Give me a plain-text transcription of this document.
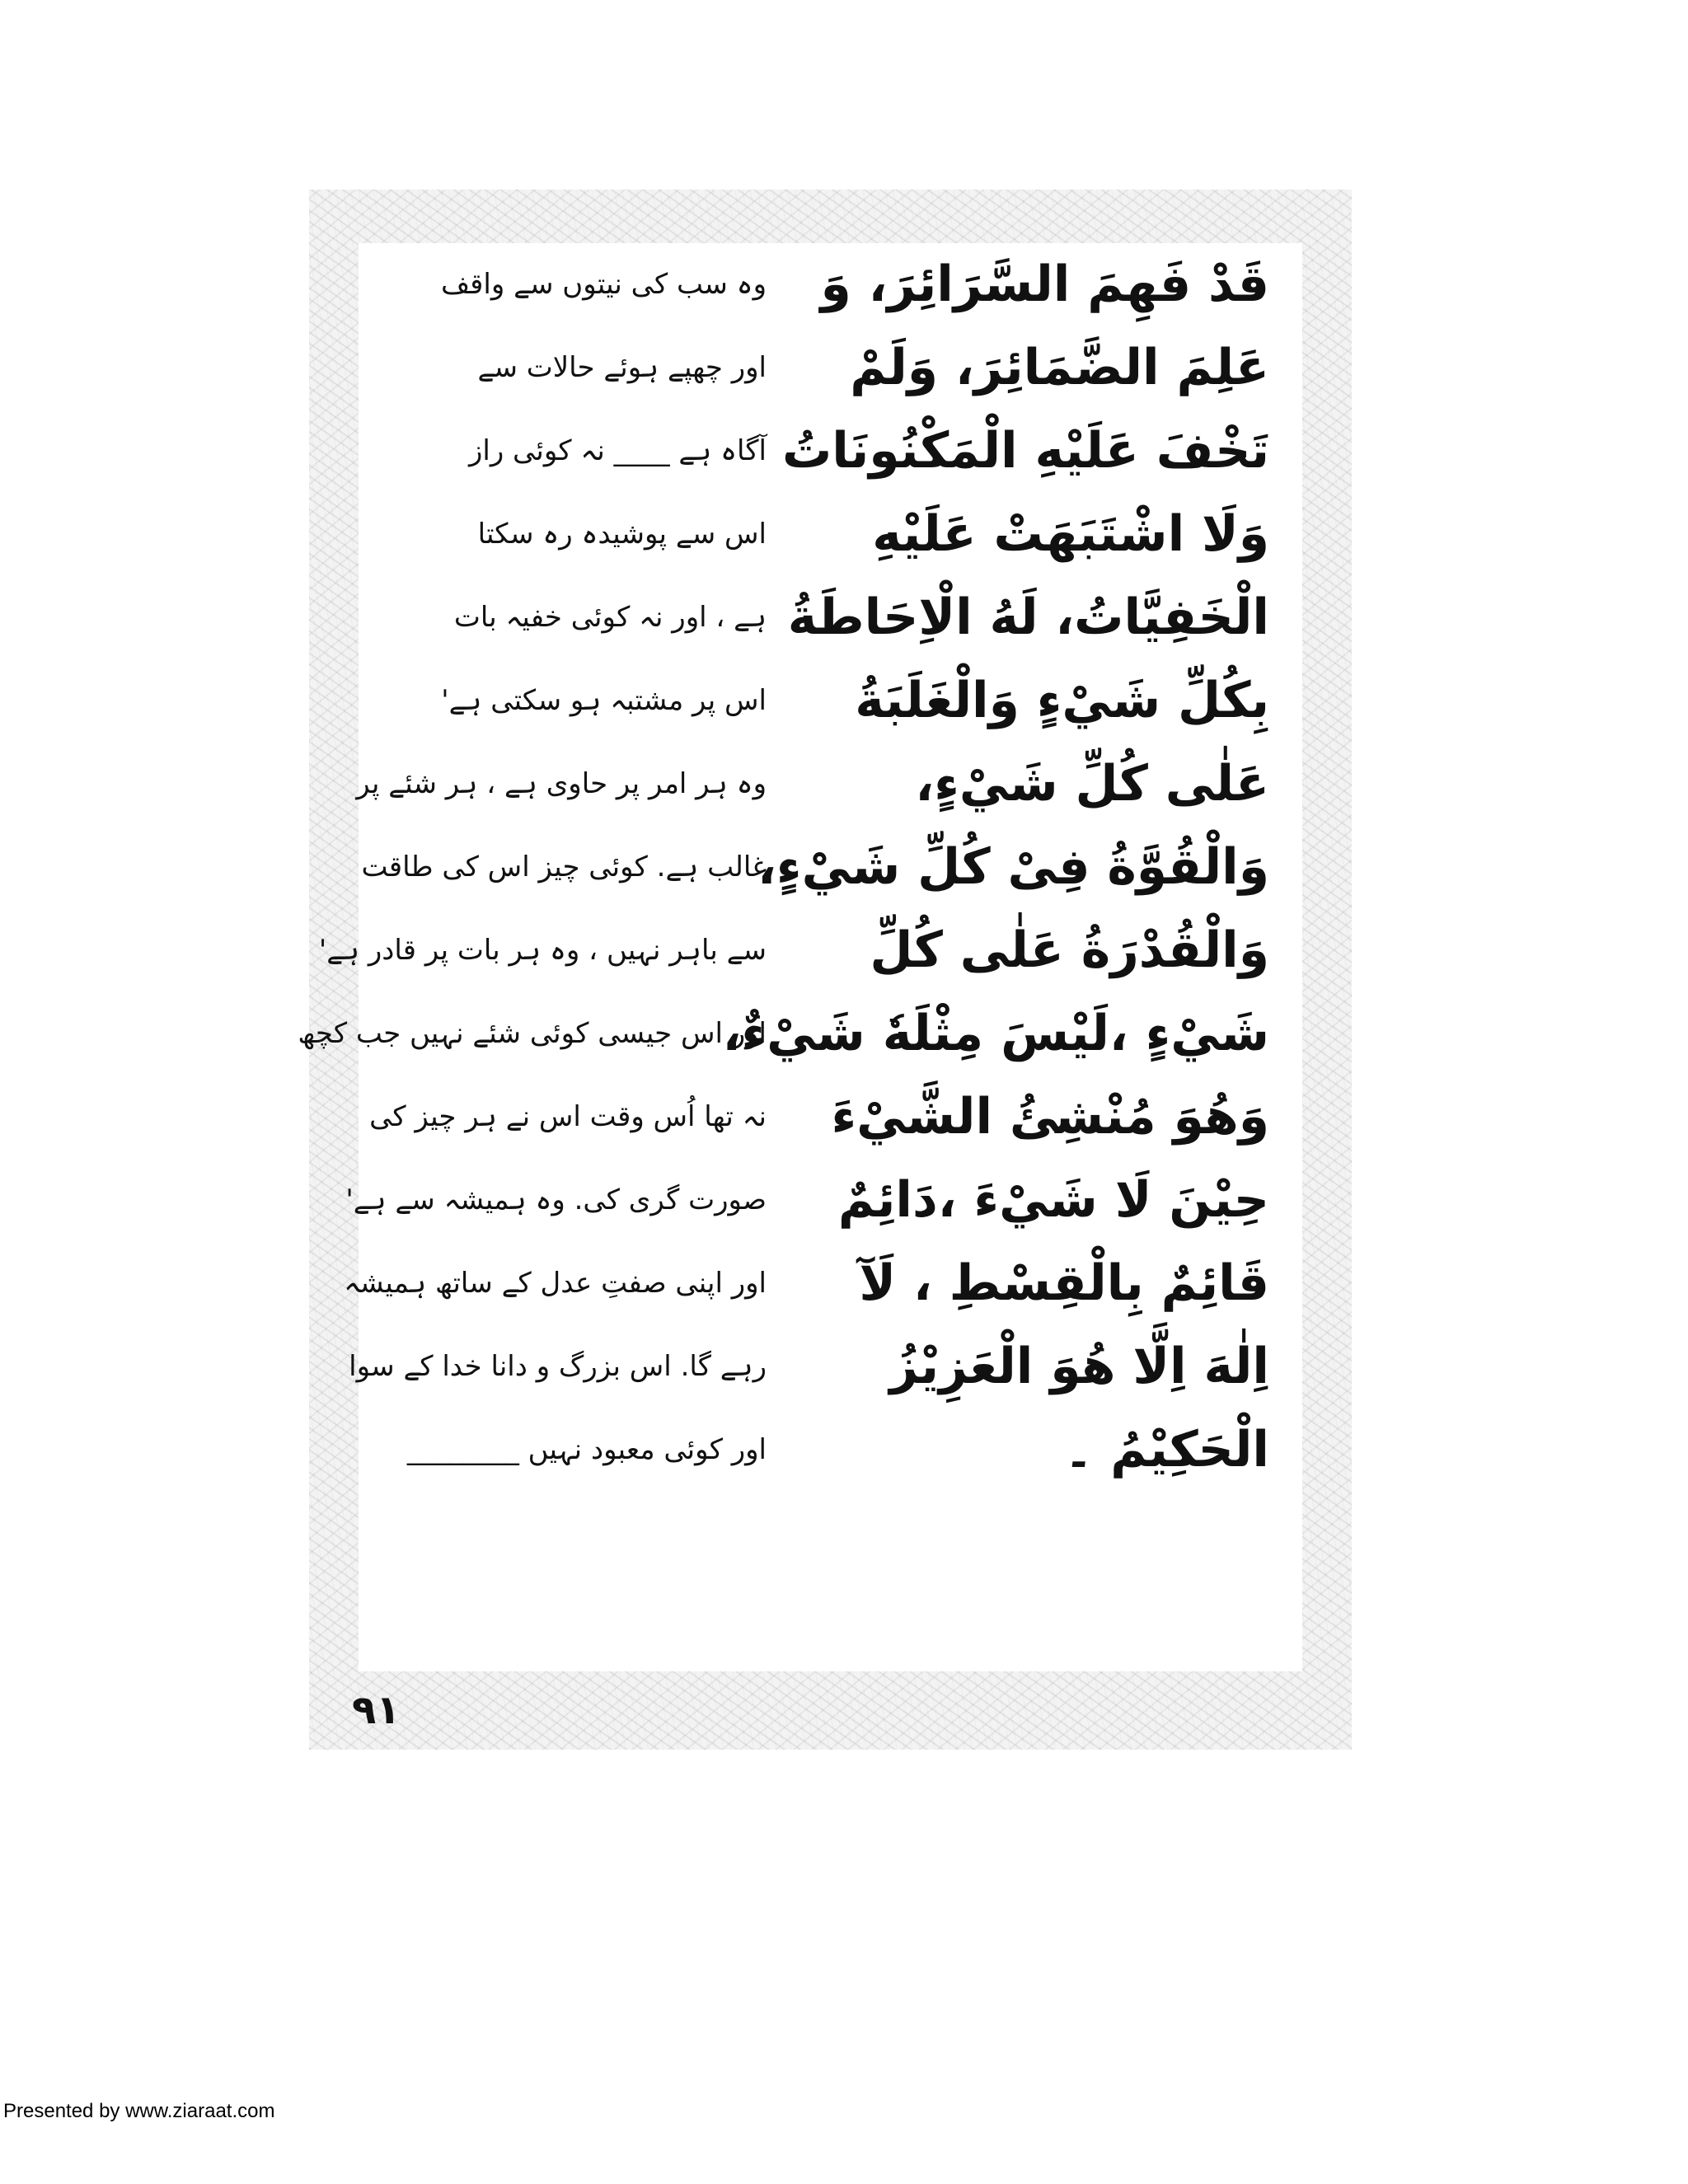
قَدْ فَهِمَ السَّرَائِرَ، وَ
عَلِمَ الضَّمَائِرَ، وَلَمْ
تَخْفَ عَلَيْهِ الْمَكْنُونَاتُ
وَلَا اشْتَبَهَتْ عَلَيْهِ
الْخَفِيَّاتُ، لَهُ الْاِحَاطَةُ
بِكُلِّ شَيْءٍ وَالْغَلَبَةُ
عَلٰى كُلِّ شَيْءٍ،
وَالْقُوَّةُ فِىْ كُلِّ شَيْءٍ،
وَالْقُدْرَةُ عَلٰى كُلِّ
شَيْءٍ ،لَيْسَ مِثْلَهٗ شَيْءٌ،
وَهُوَ مُنْشِئُ الشَّيْءَ
حِيْنَ لَا شَيْءَ ،دَائِمٌ
قَائِمٌ بِالْقِسْطِ ، لَآ
اِلٰهَ اِلَّا هُوَ الْعَزِيْزُ
الْحَكِيْمُ ۔
وہ سب کی نیتوں سے واقف
اور چھپے ہوئے حالات سے
آگاہ ہے ____ نہ کوئی راز
اس سے پوشیدہ رہ سکتا
ہے ، اور نہ کوئی خفیہ بات
اس پر مشتبہ ہو سکتی ہے'
وہ ہر امر پر حاوی ہے ، ہر شئے پر
غالب ہے. کوئی چیز اس کی طاقت
سے باہر نہیں ، وہ ہر بات پر قادر ہے'
اور اس جیسی کوئی شئے نہیں جب کچھ
نہ تھا اُس وقت اس نے ہر چیز کی
صورت گری کی. وہ ہمیشہ سے ہے'
اور اپنی صفتِ عدل کے ساتھ ہمیشہ
رہے گا. اس بزرگ و دانا خدا کے سوا
اور کوئی معبود نہیں ________
٩١
Presented by www.ziaraat.com
